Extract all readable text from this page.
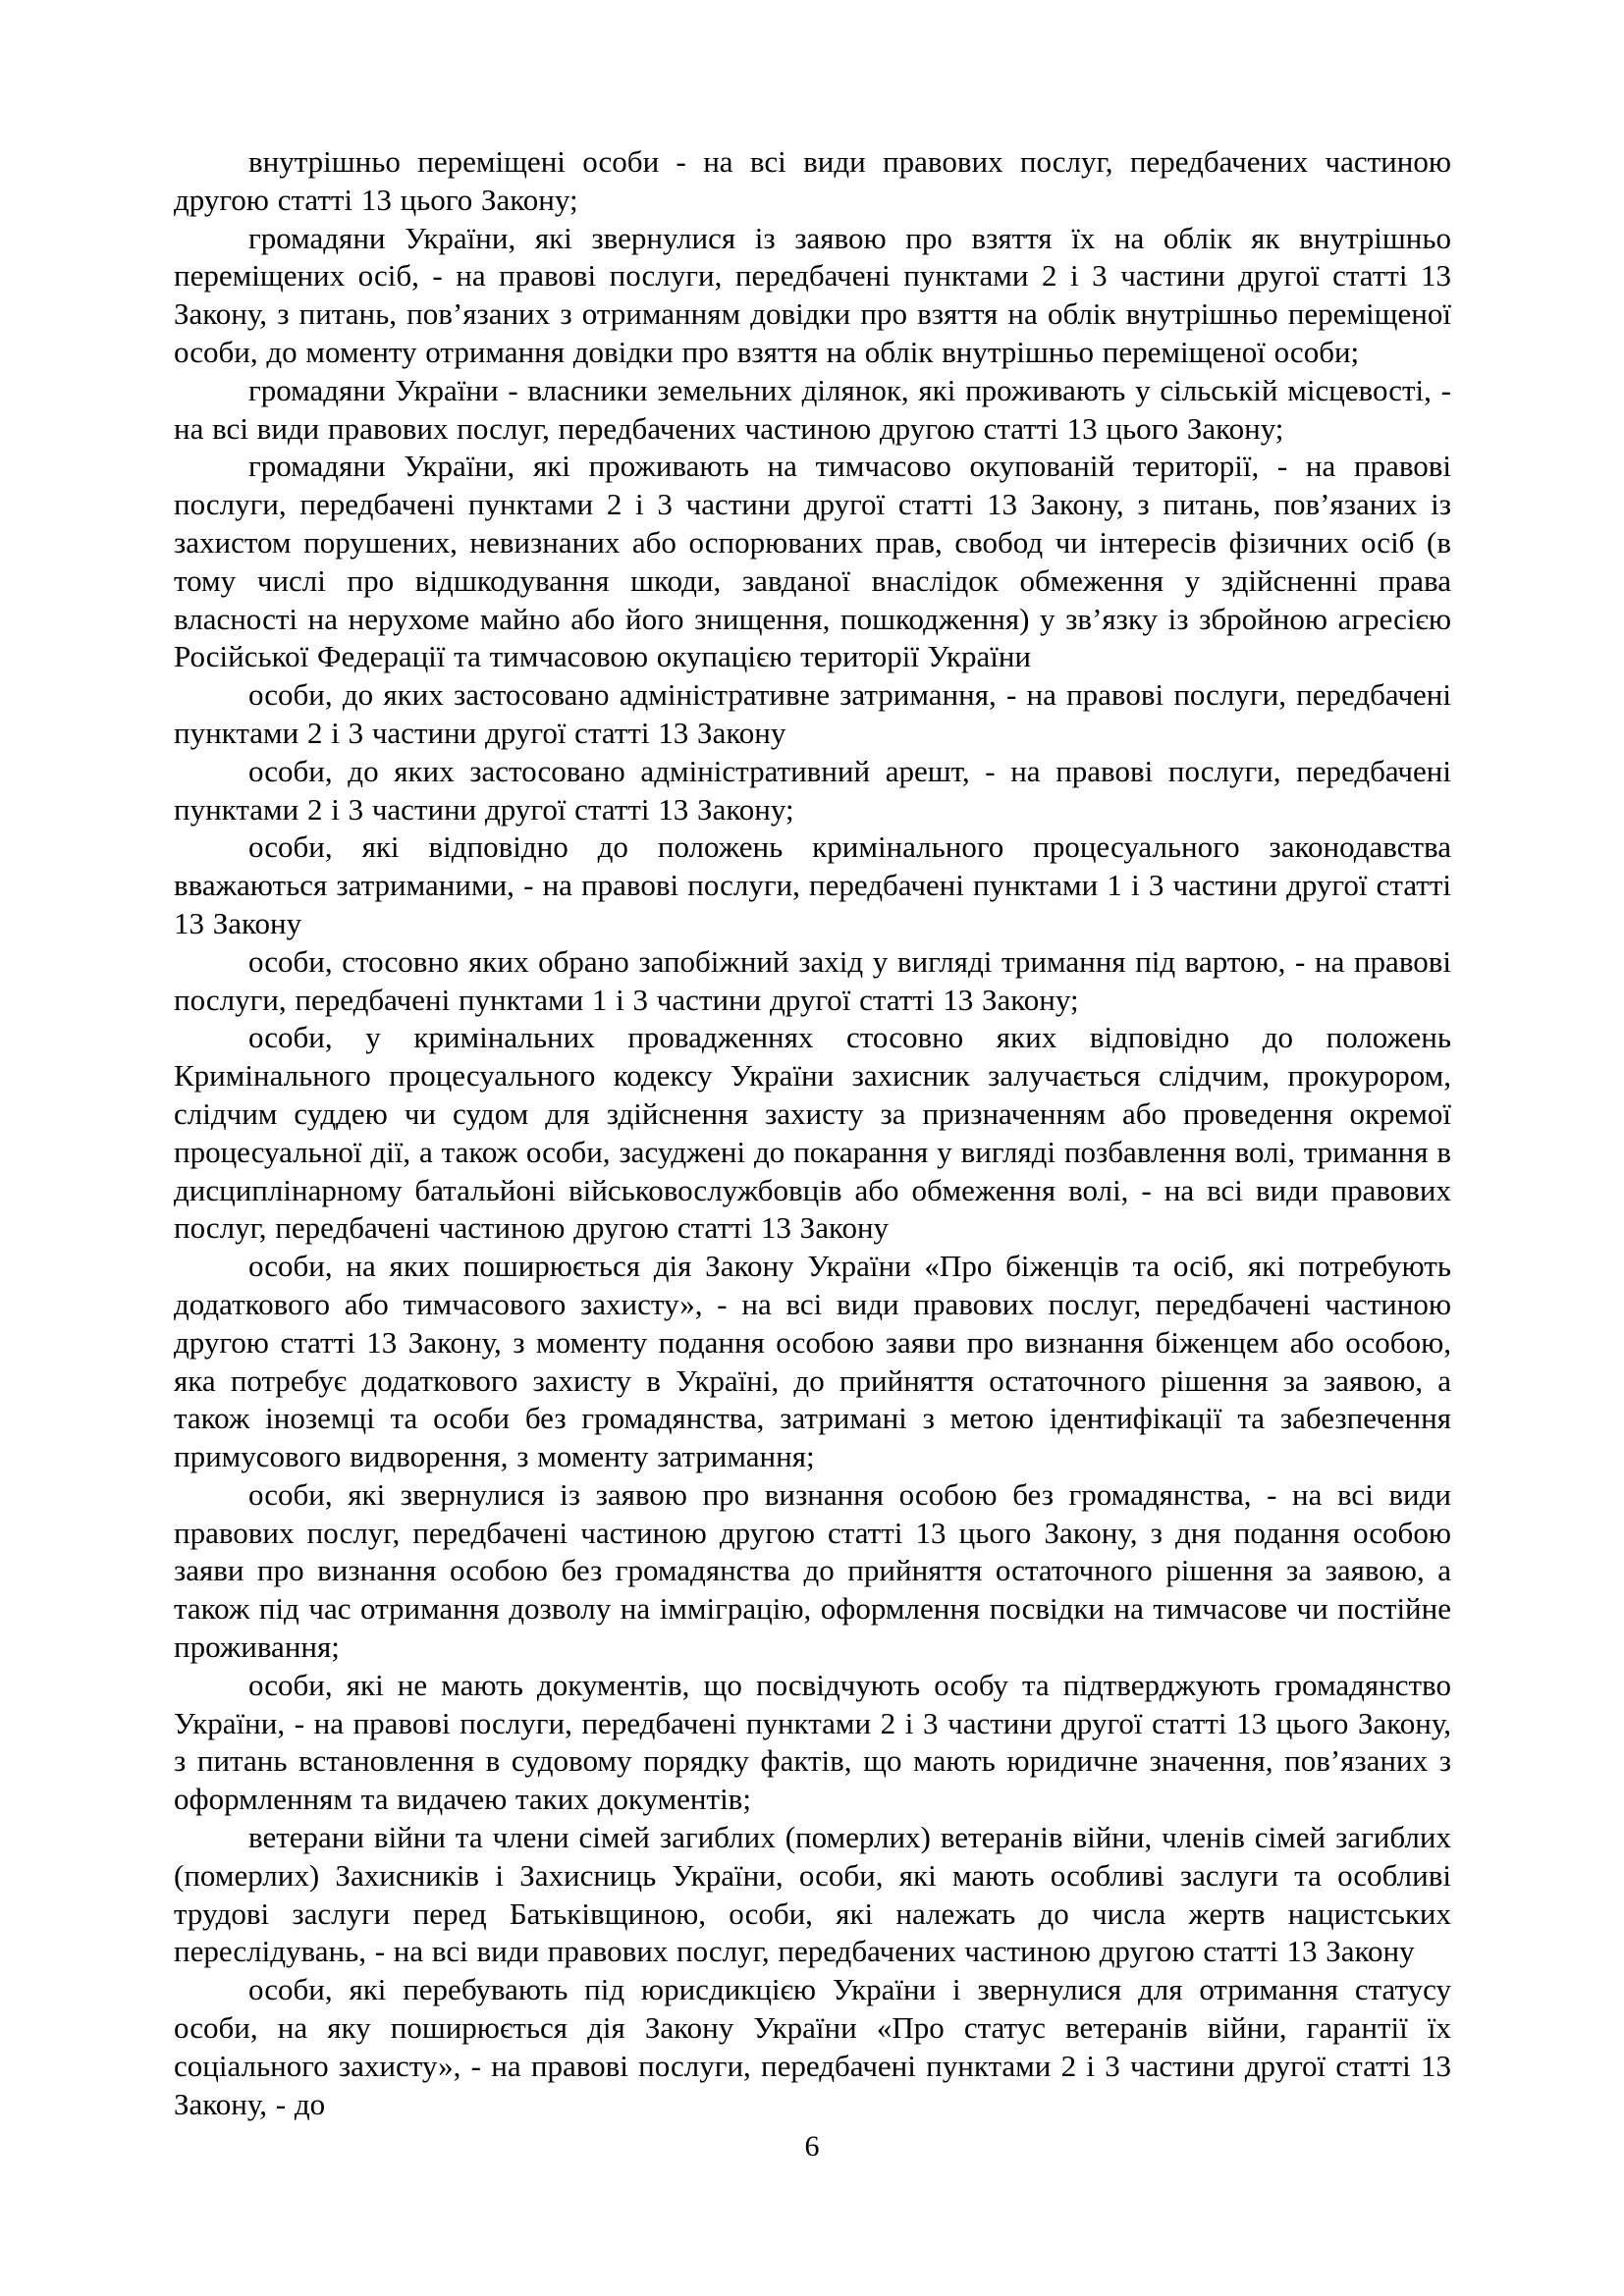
внутрішньо переміщені особи - на всі види правових послуг, передбачених частиною другою статті 13 цього Закону;

громадяни України, які звернулися із заявою про взяття їх на облік як внутрішньо переміщених осіб, - на правові послуги, передбачені пунктами 2 і 3 частини другої статті 13 Закону, з питань, пов’язаних з отриманням довідки про взяття на облік внутрішньо переміщеної особи, до моменту отримання довідки про взяття на облік внутрішньо переміщеної особи;

громадяни України - власники земельних ділянок, які проживають у сільській місцевості, - на всі види правових послуг, передбачених частиною другою статті 13 цього Закону;

громадяни України, які проживають на тимчасово окупованій території, - на правові послуги, передбачені пунктами 2 і 3 частини другої статті 13 Закону, з питань, пов’язаних із захистом порушених, невизнаних або оспорюваних прав, свобод чи інтересів фізичних осіб (в тому числі про відшкодування шкоди, завданої внаслідок обмеження у здійсненні права власності на нерухоме майно або його знищення, пошкодження) у зв’язку із збройною агресією Російської Федерації та тимчасовою окупацією території України

особи, до яких застосовано адміністративне затримання, - на правові послуги, передбачені пунктами 2 і 3 частини другої статті 13 Закону

особи, до яких застосовано адміністративний арешт, - на правові послуги, передбачені пунктами 2 і 3 частини другої статті 13 Закону;

особи, які відповідно до положень кримінального процесуального законодавства вважаються затриманими, - на правові послуги, передбачені пунктами 1 і 3 частини другої статті 13 Закону

особи, стосовно яких обрано запобіжний захід у вигляді тримання під вартою, - на правові послуги, передбачені пунктами 1 і 3 частини другої статті 13 Закону;

особи, у кримінальних провадженнях стосовно яких відповідно до положень Кримінального процесуального кодексу України захисник залучається слідчим, прокурором, слідчим суддею чи судом для здійснення захисту за призначенням або проведення окремої процесуальної дії, а також особи, засуджені до покарання у вигляді позбавлення волі, тримання в дисциплінарному батальйоні військовослужбовців або обмеження волі, - на всі види правових послуг, передбачені частиною другою статті 13 Закону

особи, на яких поширюється дія Закону України «Про біженців та осіб, які потребують додаткового або тимчасового захисту», - на всі види правових послуг, передбачені частиною другою статті 13 Закону, з моменту подання особою заяви про визнання біженцем або особою, яка потребує додаткового захисту в Україні, до прийняття остаточного рішення за заявою, а також іноземці та особи без громадянства, затримані з метою ідентифікації та забезпечення примусового видворення, з моменту затримання;

особи, які звернулися із заявою про визнання особою без громадянства, - на всі види правових послуг, передбачені частиною другою статті 13 цього Закону, з дня подання особою заяви про визнання особою без громадянства до прийняття остаточного рішення за заявою, а також під час отримання дозволу на імміграцію, оформлення посвідки на тимчасове чи постійне проживання;

особи, які не мають документів, що посвідчують особу та підтверджують громадянство України, - на правові послуги, передбачені пунктами 2 і 3 частини другої статті 13 цього Закону, з питань встановлення в судовому порядку фактів, що мають юридичне значення, пов’язаних з оформленням та видачею таких документів;

ветерани війни та члени сімей загиблих (померлих) ветеранів війни, членів сімей загиблих (померлих) Захисників і Захисниць України, особи, які мають особливі заслуги та особливі трудові заслуги перед Батьківщиною, особи, які належать до числа жертв нацистських переслідувань, - на всі види правових послуг, передбачених частиною другою статті 13 Закону

особи, які перебувають під юрисдикцією України і звернулися для отримання статусу особи, на яку поширюється дія Закону України «Про статус ветеранів війни, гарантії їх соціального захисту», - на правові послуги, передбачені пунктами 2 і 3 частини другої статті 13 Закону, - до

6
